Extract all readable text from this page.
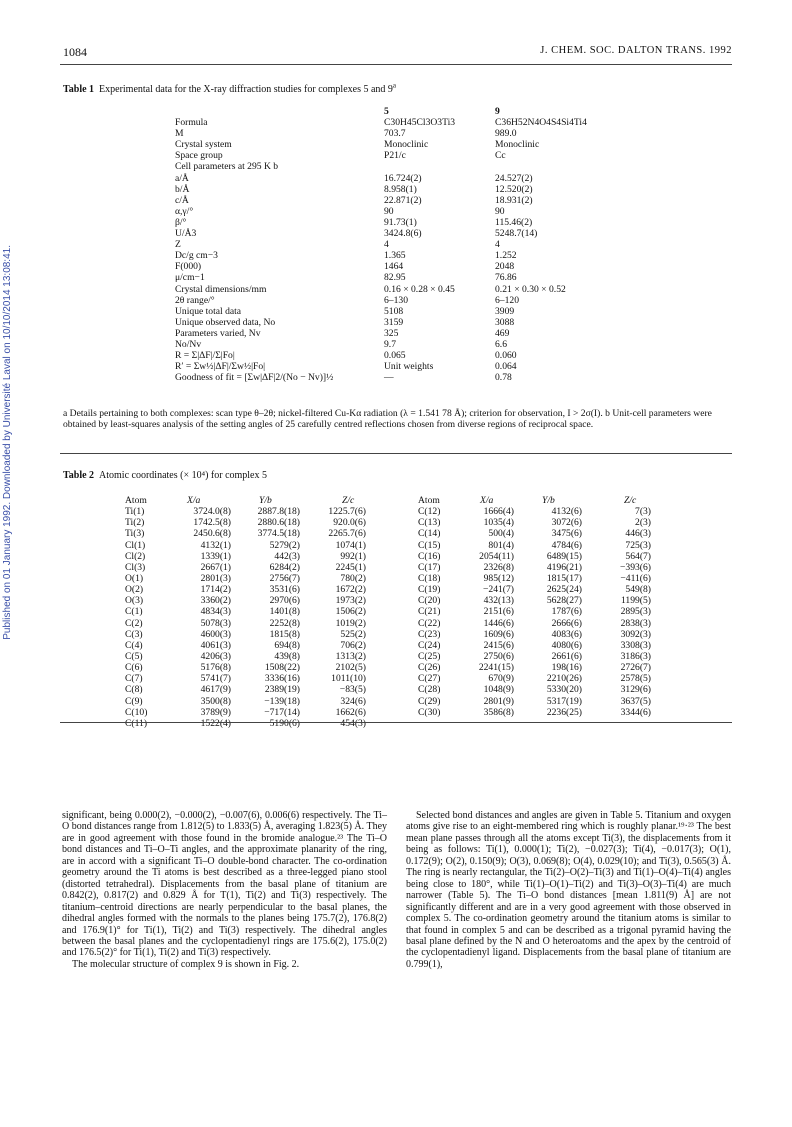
Published on 01 January 1992. Downloaded by Université Laval on 10/10/2014 13:08:41.
1084	J. CHEM. SOC. DALTON TRANS. 1992
Table 1 Experimental data for the X-ray diffraction studies for complexes 5 and 9$^a$
5	9
Formula	C30H45Cl3O3Ti3	C36H52N4O4S4Si4Ti4
M	703.7	989.0
Crystal system	Monoclinic	Monoclinic
Space group	P21/c	Cc
Cell parameters at 295 K b
a/Å	16.724(2)	24.527(2)
b/Å	8.958(1)	12.520(2)
c/Å	22.871(2)	18.931(2)
α,γ/°	90	90
β/°	91.73(1)	115.46(2)
U/Å3	3424.8(6)	5248.7(14)
Z	4	4
Dc/g cm−3	1.365	1.252
F(000)	1464	2048
μ/cm−1	82.95	76.86
Crystal dimensions/mm	0.16 × 0.28 × 0.45	0.21 × 0.30 × 0.52
2θ range/°	6–130	6–120
Unique total data	5108	3909
Unique observed data, No	3159	3088
Parameters varied, Nv	325	469
No/Nv	9.7	6.6
R = Σ|ΔF|/Σ|Fo|	0.065	0.060
R′ = Σw½|ΔF|/Σw½|Fo|	Unit weights	0.064
Goodness of fit = [Σw|ΔF|2/(No − Nv)]½	—	0.78
a Details pertaining to both complexes: scan type θ–2θ; nickel-filtered Cu-Kα radiation (λ = 1.541 78 Å); criterion for observation, I > 2σ(I). b Unit-cell parameters were obtained by least-squares analysis of the setting angles of 25 carefully centred reflections chosen from diverse regions of reciprocal space.
Table 2 Atomic coordinates (× 10⁴) for complex 5
Atom	X/a	Y/b	Z/c
Ti(1)	3724.0(8)	2887.8(18)	1225.7(6)
Ti(2)	1742.5(8)	2880.6(18)	920.0(6)
Ti(3)	2450.6(8)	3774.5(18)	2265.7(6)
Cl(1)	4132(1)	5279(2)	1074(1)
Cl(2)	1339(1)	442(3)	992(1)
Cl(3)	2667(1)	6284(2)	2245(1)
O(1)	2801(3)	2756(7)	780(2)
O(2)	1714(2)	3531(6)	1672(2)
O(3)	3360(2)	2970(6)	1973(2)
C(1)	4834(3)	1401(8)	1506(2)
C(2)	5078(3)	2252(8)	1019(2)
C(3)	4600(3)	1815(8)	525(2)
C(4)	4061(3)	694(8)	706(2)
C(5)	4206(3)	439(8)	1313(2)
C(6)	5176(8)	1508(22)	2102(5)
C(7)	5741(7)	3336(16)	1011(10)
C(8)	4617(9)	2389(19)	−83(5)
C(9)	3500(8)	−139(18)	324(6)
C(10)	3789(9)	−717(14)	1662(6)
C(11)	1522(4)	5190(6)	454(3)
Atom	X/a	Y/b	Z/c
C(12)	1666(4)	4132(6)	7(3)
C(13)	1035(4)	3072(6)	2(3)
C(14)	500(4)	3475(6)	446(3)
C(15)	801(4)	4784(6)	725(3)
C(16)	2054(11)	6489(15)	564(7)
C(17)	2326(8)	4196(21)	−393(6)
C(18)	985(12)	1815(17)	−411(6)
C(19)	−241(7)	2625(24)	549(8)
C(20)	432(13)	5628(27)	1199(5)
C(21)	2151(6)	1787(6)	2895(3)
C(22)	1446(6)	2666(6)	2838(3)
C(23)	1609(6)	4083(6)	3092(3)
C(24)	2415(6)	4080(6)	3308(3)
C(25)	2750(6)	2661(6)	3186(3)
C(26)	2241(15)	198(16)	2726(7)
C(27)	670(9)	2210(26)	2578(5)
C(28)	1048(9)	5330(20)	3129(6)
C(29)	2801(9)	5317(19)	3637(5)
C(30)	3586(8)	2236(25)	3344(6)

significant, being 0.000(2), −0.000(2), −0.007(6), 0.006(6) respectively. The Ti–O bond distances range from 1.812(5) to 1.833(5) Å, averaging 1.823(5) Å. They are in good agreement with those found in the bromide analogue.²³ The Ti–O bond distances and Ti–O–Ti angles, and the approximate planarity of the ring, are in accord with a significant Ti–O double-bond character. The co-ordination geometry around the Ti atoms is best described as a three-legged piano stool (distorted tetrahedral). Displacements from the basal plane of titanium are 0.842(2), 0.817(2) and 0.829 Å for T(1), Ti(2) and Ti(3) respectively. The titanium–centroid directions are nearly perpendicular to the basal planes, the dihedral angles formed with the normals to the planes being 175.7(2), 176.8(2) and 176.9(1)° for Ti(1), Ti(2) and Ti(3) respectively. The dihedral angles between the basal planes and the cyclopentadienyl rings are 175.6(2), 175.0(2) and 176.5(2)° for Ti(1), Ti(2) and Ti(3) respectively.

The molecular structure of complex 9 is shown in Fig. 2.

Selected bond distances and angles are given in Table 5. Titanium and oxygen atoms give rise to an eight-membered ring which is roughly planar.¹⁹·²³ The best mean plane passes through all the atoms except Ti(3), the displacements from it being as follows: Ti(1), 0.000(1); Ti(2), −0.027(3); Ti(4), −0.017(3); O(1), 0.172(9); O(2), 0.150(9); O(3), 0.069(8); O(4), 0.029(10); and Ti(3), 0.565(3) Å. The ring is nearly rectangular, the Ti(2)–O(2)–Ti(3) and Ti(1)–O(4)–Ti(4) angles being close to 180°, while Ti(1)–O(1)–Ti(2) and Ti(3)–O(3)–Ti(4) are much narrower (Table 5). The Ti–O bond distances [mean 1.811(9) Å] are not significantly different and are in a very good agreement with those observed in complex 5. The co-ordination geometry around the titanium atoms is similar to that found in complex 5 and can be described as a trigonal pyramid having the basal plane defined by the N and O heteroatoms and the apex by the centroid of the cyclopentadienyl ligand. Displacements from the basal plane of titanium are 0.799(1),
